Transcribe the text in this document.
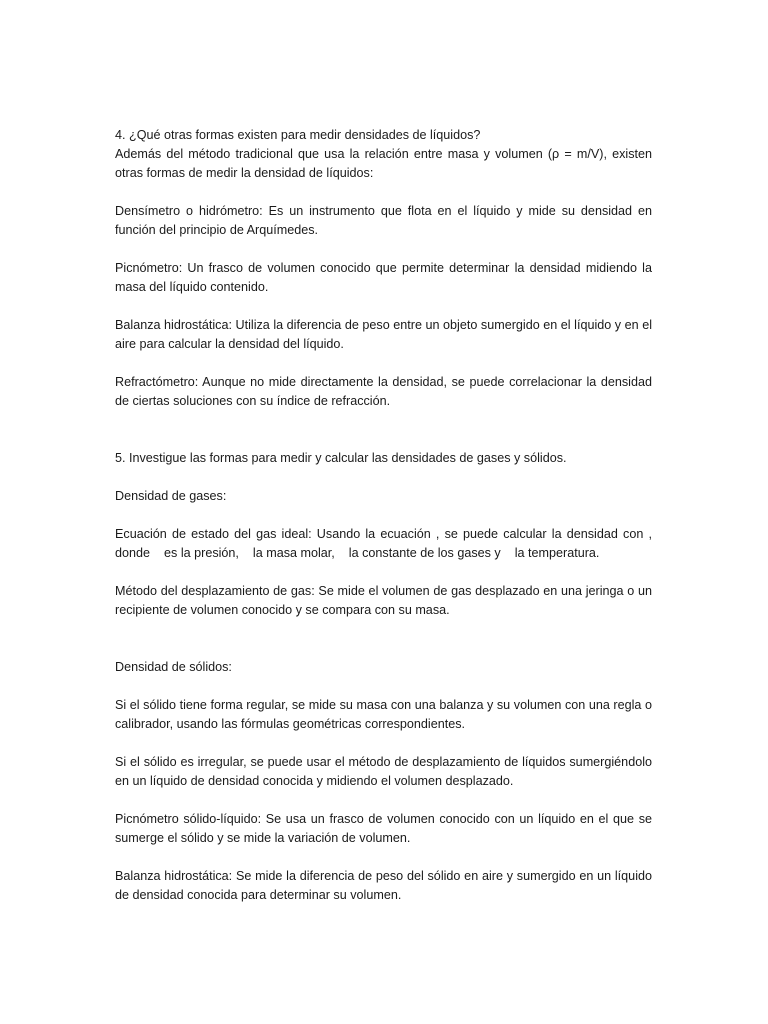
4. ¿Qué otras formas existen para medir densidades de líquidos?

Además del método tradicional que usa la relación entre masa y volumen (ρ = m/V), existen otras formas de medir la densidad de líquidos:

Densímetro o hidrómetro: Es un instrumento que flota en el líquido y mide su densidad en función del principio de Arquímedes.

Picnómetro: Un frasco de volumen conocido que permite determinar la densidad midiendo la masa del líquido contenido.

Balanza hidrostática: Utiliza la diferencia de peso entre un objeto sumergido en el líquido y en el aire para calcular la densidad del líquido.

Refractómetro: Aunque no mide directamente la densidad, se puede correlacionar la densidad de ciertas soluciones con su índice de refracción.

5. Investigue las formas para medir y calcular las densidades de gases y sólidos.

Densidad de gases:

Ecuación de estado del gas ideal: Usando la ecuación , se puede calcular la densidad con , donde    es la presión,    la masa molar,    la constante de los gases y    la temperatura.

Método del desplazamiento de gas: Se mide el volumen de gas desplazado en una jeringa o un recipiente de volumen conocido y se compara con su masa.

Densidad de sólidos:

Si el sólido tiene forma regular, se mide su masa con una balanza y su volumen con una regla o calibrador, usando las fórmulas geométricas correspondientes.

Si el sólido es irregular, se puede usar el método de desplazamiento de líquidos sumergiéndolo en un líquido de densidad conocida y midiendo el volumen desplazado.

Picnómetro sólido-líquido: Se usa un frasco de volumen conocido con un líquido en el que se sumerge el sólido y se mide la variación de volumen.

Balanza hidrostática: Se mide la diferencia de peso del sólido en aire y sumergido en un líquido de densidad conocida para determinar su volumen.
